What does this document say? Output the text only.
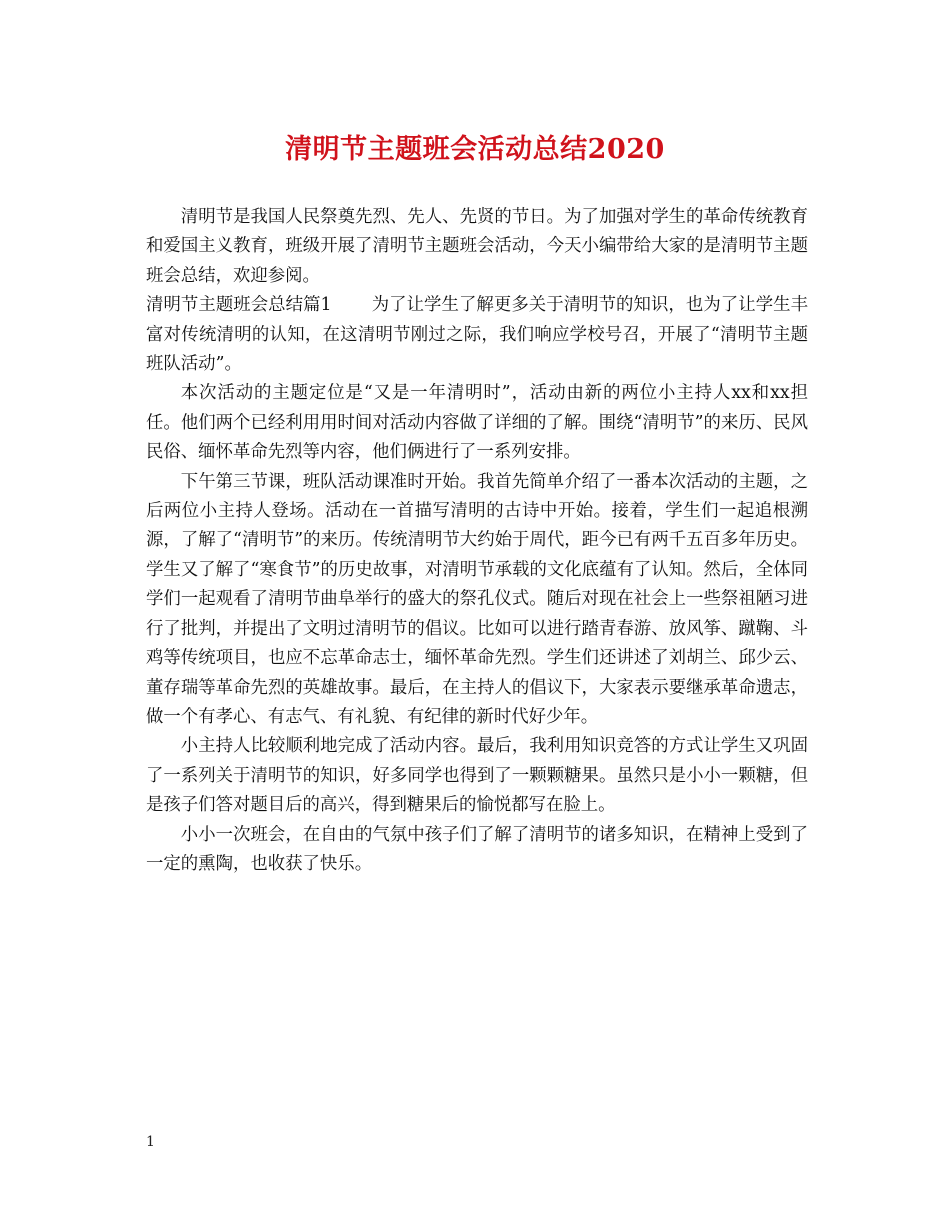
清明节主题班会活动总结2020

清明节是我国人民祭奠先烈、先人、先贤的节日。为了加强对学生的革命传统教育和爱国主义教育，班级开展了清明节主题班会活动，今天小编带给大家的是清明节主题班会总结，欢迎参阅。

清明节主题班会总结篇1 为了让学生了解更多关于清明节的知识，也为了让学生丰富对传统清明的认知，在这清明节刚过之际，我们响应学校号召，开展了“清明节主题班队活动”。

本次活动的主题定位是“又是一年清明时”，活动由新的两位小主持人xx和xx担任。他们两个已经利用用时间对活动内容做了详细的了解。围绕“清明节”的来历、民风民俗、缅怀革命先烈等内容，他们俩进行了一系列安排。

下午第三节课，班队活动课准时开始。我首先简单介绍了一番本次活动的主题，之后两位小主持人登场。活动在一首描写清明的古诗中开始。接着，学生们一起追根溯源，了解了“清明节”的来历。传统清明节大约始于周代，距今已有两千五百多年历史。学生又了解了“寒食节”的历史故事，对清明节承载的文化底蕴有了认知。然后，全体同学们一起观看了清明节曲阜举行的盛大的祭孔仪式。随后对现在社会上一些祭祖陋习进行了批判，并提出了文明过清明节的倡议。比如可以进行踏青春游、放风筝、蹴鞠、斗鸡等传统项目，也应不忘革命志士，缅怀革命先烈。学生们还讲述了刘胡兰、邱少云、董存瑞等革命先烈的英雄故事。最后，在主持人的倡议下，大家表示要继承革命遗志，做一个有孝心、有志气、有礼貌、有纪律的新时代好少年。

小主持人比较顺利地完成了活动内容。最后，我利用知识竞答的方式让学生又巩固了一系列关于清明节的知识，好多同学也得到了一颗颗糖果。虽然只是小小一颗糖，但是孩子们答对题目后的高兴，得到糖果后的愉悦都写在脸上。

小小一次班会，在自由的气氛中孩子们了解了清明节的诸多知识，在精神上受到了一定的熏陶，也收获了快乐。

1
